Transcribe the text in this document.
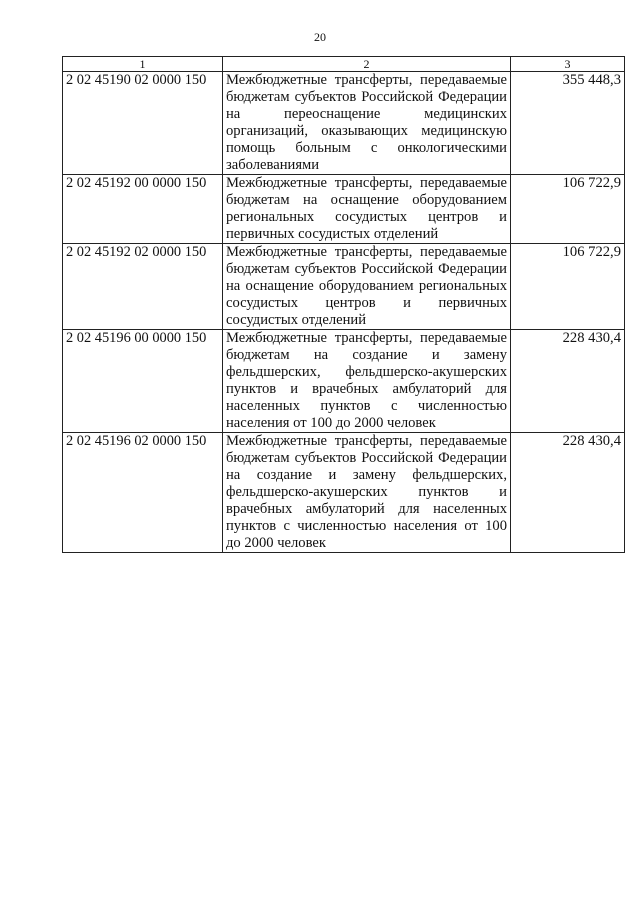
20
1	2	3
2 02 45190 02 0000 150	Межбюджетные трансферты, передаваемые бюджетам субъектов Российской Федерации на переоснащение медицинских организаций, оказывающих медицинскую помощь больным с онкологическими заболеваниями	355 448,3
2 02 45192 00 0000 150	Межбюджетные трансферты, передаваемые бюджетам на оснащение оборудованием региональных сосудистых центров и первичных сосудистых отделений	106 722,9
2 02 45192 02 0000 150	Межбюджетные трансферты, передаваемые бюджетам субъектов Российской Федерации на оснащение оборудованием региональных сосудистых центров и первичных сосудистых отделений	106 722,9
2 02 45196 00 0000 150	Межбюджетные трансферты, передаваемые бюджетам на создание и замену фельдшерских, фельдшерско-акушерских пунктов и врачебных амбулаторий для населенных пунктов с численностью населения от 100 до 2000 человек	228 430,4
2 02 45196 02 0000 150	Межбюджетные трансферты, передаваемые бюджетам субъектов Российской Федерации на создание и замену фельдшерских, фельдшерско-акушерских пунктов и врачебных амбулаторий для населенных пунктов с численностью населения от 100 до 2000 человек	228 430,4
